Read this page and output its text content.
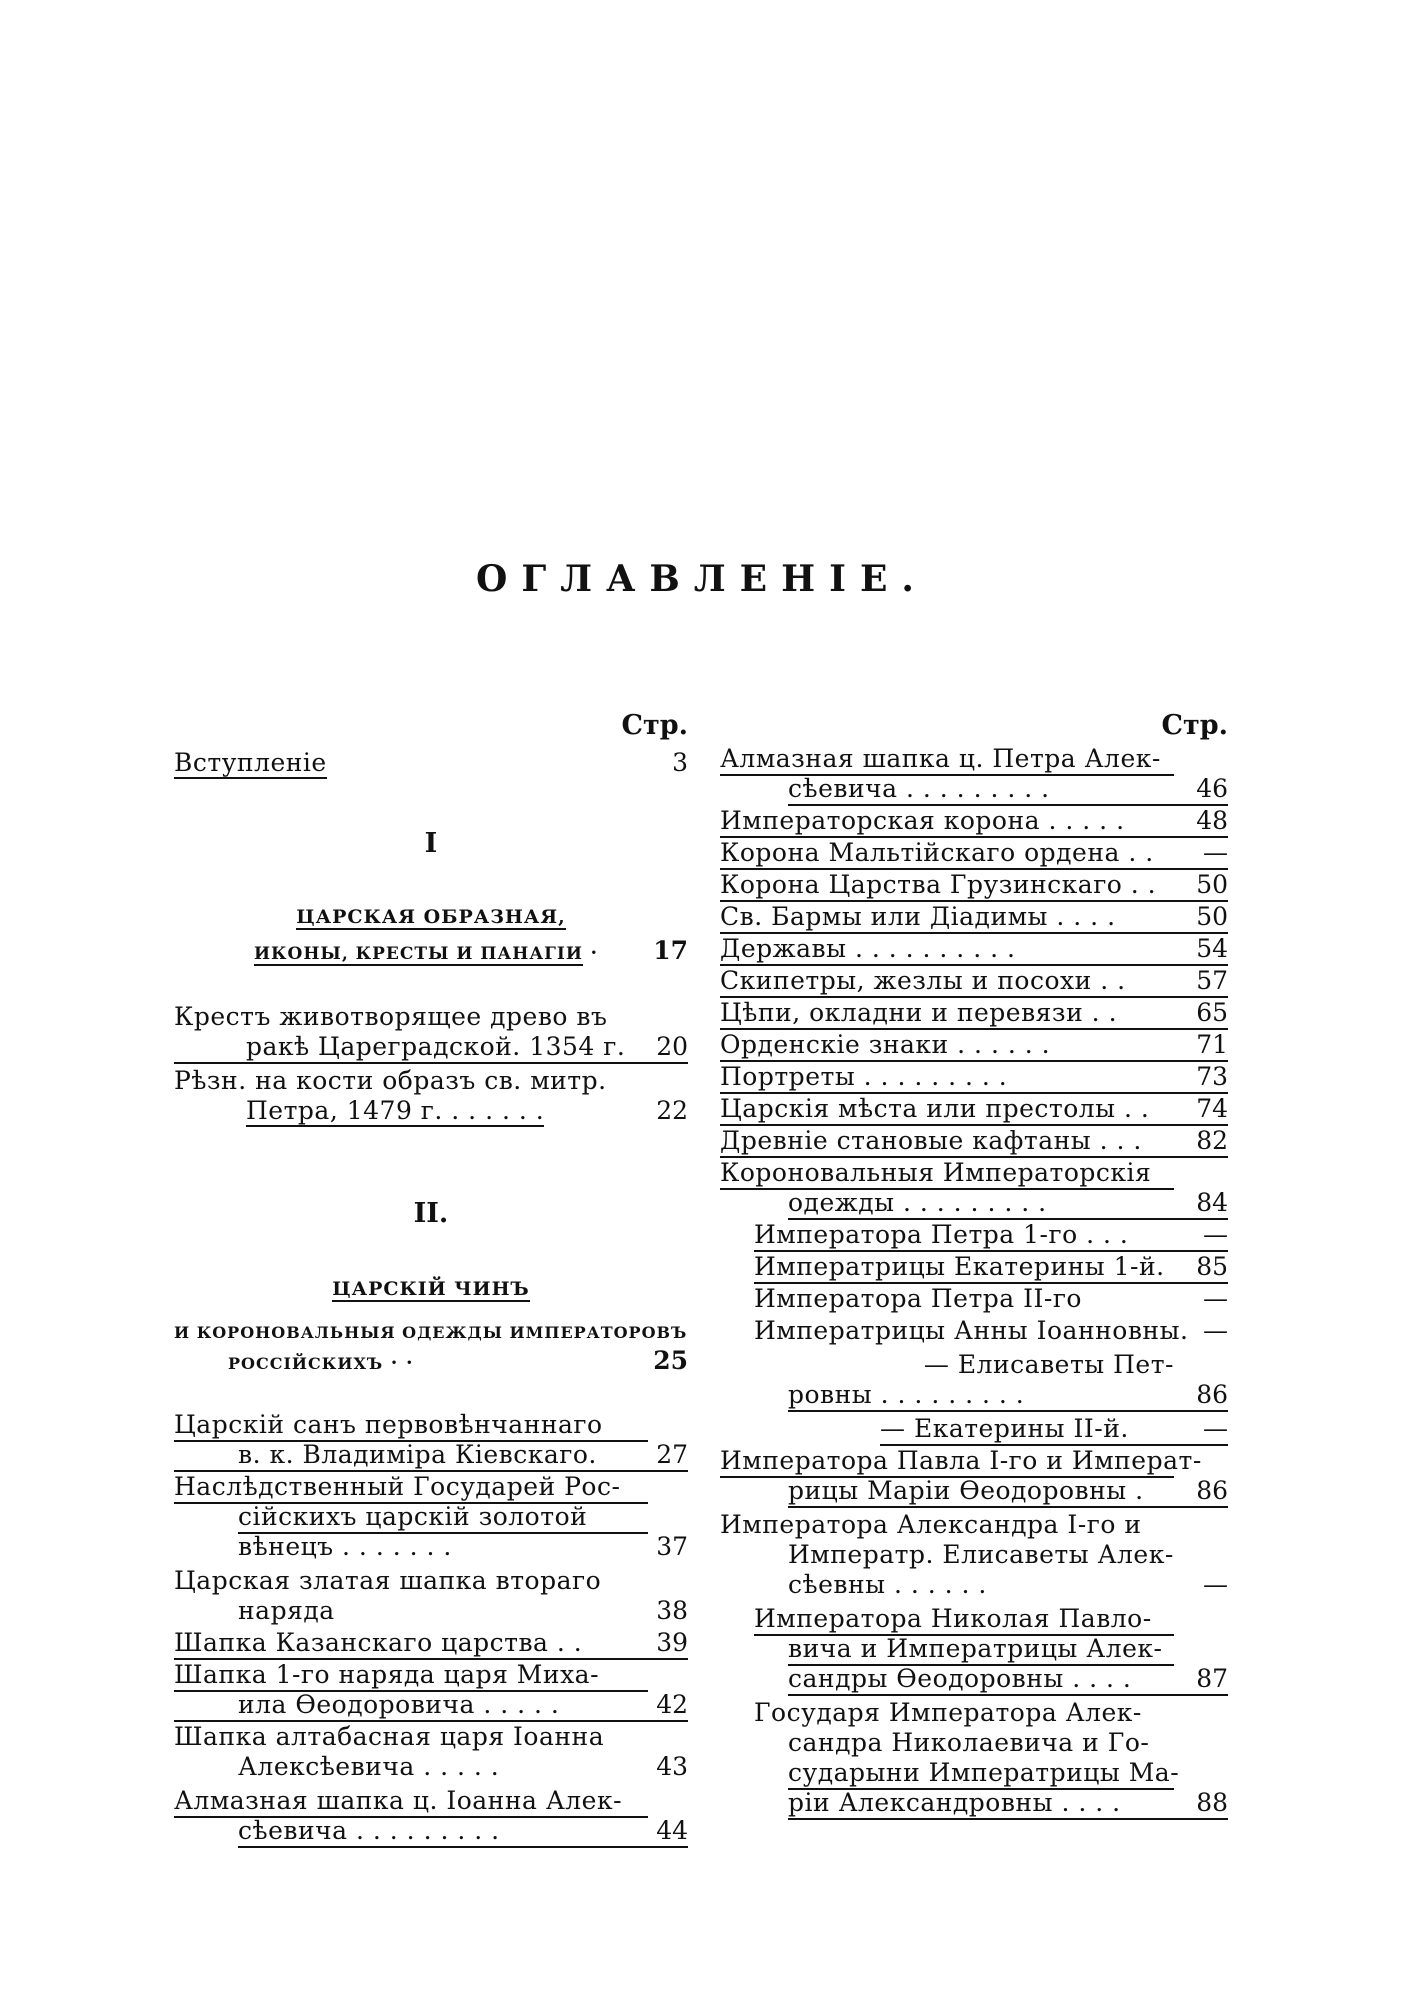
ОГЛАВЛЕНІЕ.
Стр.
Вступленіе	3
I
ЦАРСКАЯ ОБРАЗНАЯ,
ИКОНЫ, КРЕСТЫ И ПАНАГІИ ·	17
Крестъ животворящее древо въ
ракѣ Цареградской. 1354 г.	20
Рѣзн. на кости образъ св. митр.
Петра, 1479 г. . . . . . .	22
II.
ЦАРСКІЙ ЧИНЪ
И КОРОНОВАЛЬНЫЯ ОДЕЖДЫ ИМПЕРАТОРОВЪ
РОССІЙСКИХЪ · ·	25
Царскій санъ первовѣнчаннаго
в. к. Владиміра Кіевскаго.	27
Наслѣдственный Государей Рос-
сійскихъ царскій золотой
вѣнецъ . . . . . . .	37
Царская златая шапка втораго
наряда	38
Шапка Казанскаго царства . .	39
Шапка 1-го наряда царя Миха-
ила Ѳеодоровича . . . . .	42
Шапка алтабасная царя Іоанна
Алексѣевича . . . . .	43
Алмазная шапка ц. Іоанна Алек-
сѣевича . . . . . . . . .	44
Стр.
Алмазная шапка ц. Петра Алек-
сѣевича . . . . . . . . .	46
Императорская корона . . . . .	48
Корона Мальтійскаго ордена . .	—
Корона Царства Грузинскаго . .	50
Св. Бармы или Діадимы . . . .	50
Державы . . . . . . . . . .	54
Скипетры, жезлы и посохи . .	57
Цѣпи, окладни и перевязи . .	65
Орденскіе знаки . . . . . .	71
Портреты . . . . . . . . .	73
Царскія мѣста или престолы . .	74
Древніе становые кафтаны . . .	82
Короновальныя Императорскія
одежды . . . . . . . . .	84
Императора Петра 1-го . . .	—
Императрицы Екатерины 1-й.	85
Императора Петра II-го	—
Императрицы Анны Іоанновны. —
— Елисаветы Пет-
ровны . . . . . . . . .	86
— Екатерины II-й.	—
Императора Павла I-го и Императ-
рицы Маріи Ѳеодоровны .	86
Императора Александра I-го и
Императр. Елисаветы Алек-
сѣевны . . . . . .	—
Императора Николая Павло-
вича и Императрицы Алек-
сандры Ѳеодоровны . . . .	87
Государя Императора Алек-
сандра Николаевича и Го-
сударыни Императрицы Ма-
ріи Александровны . . . .	88
